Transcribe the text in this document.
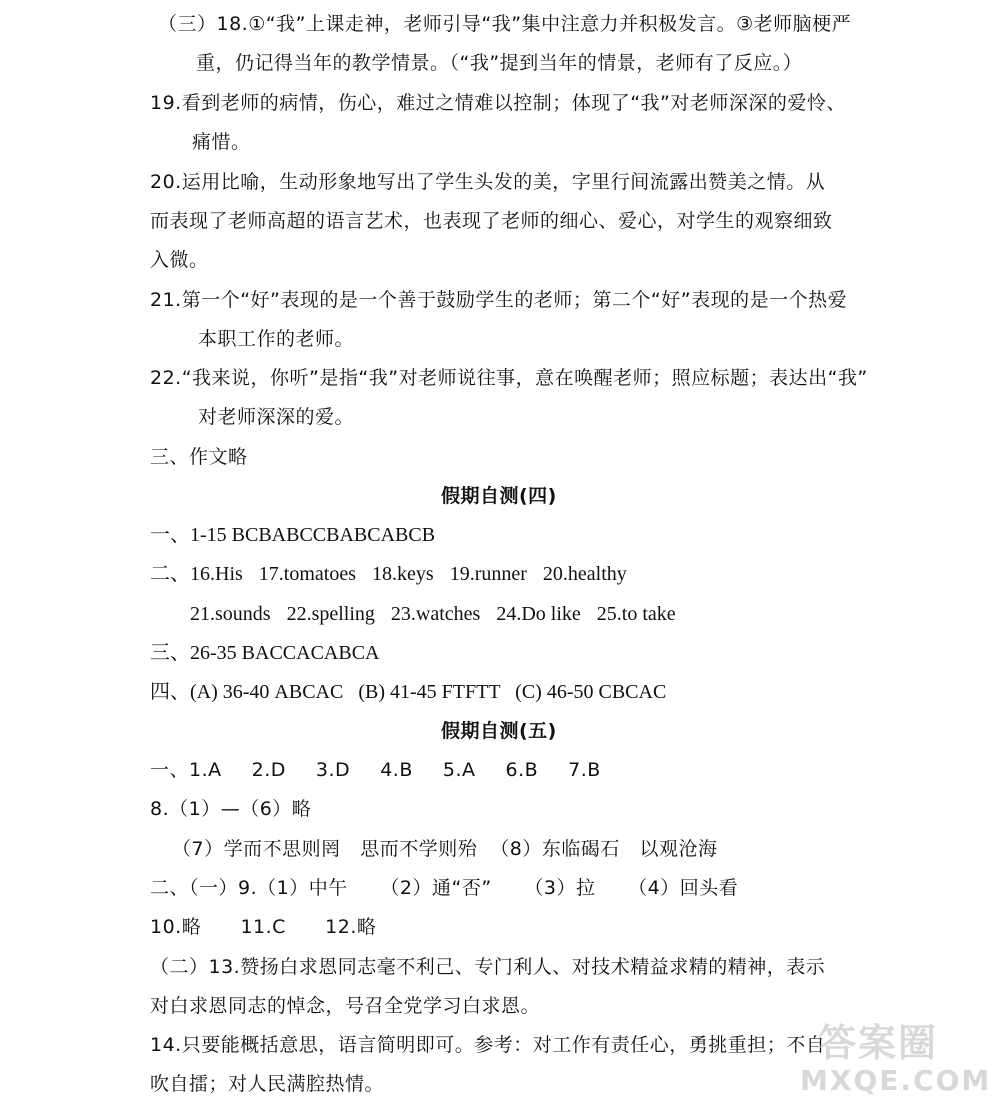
（三）18.①“我”上课走神，老师引导“我”集中注意力并积极发言。③老师脑梗严
重，仍记得当年的教学情景。（“我”提到当年的情景，老师有了反应。）
19.看到老师的病情，伤心，难过之情难以控制；体现了“我”对老师深深的爱怜、
痛惜。
20.运用比喻，生动形象地写出了学生头发的美，字里行间流露出赞美之情。从
而表现了老师高超的语言艺术，也表现了老师的细心、爱心，对学生的观察细致
入微。
21.第一个“好”表现的是一个善于鼓励学生的老师；第二个“好”表现的是一个热爱
本职工作的老师。
22.“我来说，你听”是指“我”对老师说往事，意在唤醒老师；照应标题；表达出“我”
对老师深深的爱。
三、作文略
假期自测(四)
一、1-15 BCBABCCBABCABCB
二、16.His 17.tomatoes 18.keys 19.runner 20.healthy
21.sounds 22.spelling 23.watches 24.Do like 25.to take
三、26-35 BACCACABCA
四、(A) 36-40 ABCAC   (B) 41-45 FTFTT   (C) 46-50 CBCAC
假期自测(五)
一、1.A 2.D 3.D 4.B 5.A 6.B 7.B
8.（1）—（6）略
（7）学而不思则罔   思而不学则殆  （8）东临碣石   以观沧海
二、（一）9.（1）中午     （2）通“否”     （3）拉     （4）回头看
10.略      11.C      12.略
（二）13.赞扬白求恩同志毫不利己、专门利人、对技术精益求精的精神，表示
对白求恩同志的悼念，号召全党学习白求恩。
14.只要能概括意思，语言简明即可。参考：对工作有责任心，勇挑重担；不自
吹自擂；对人民满腔热情。
答案圈
MXQE.COM
